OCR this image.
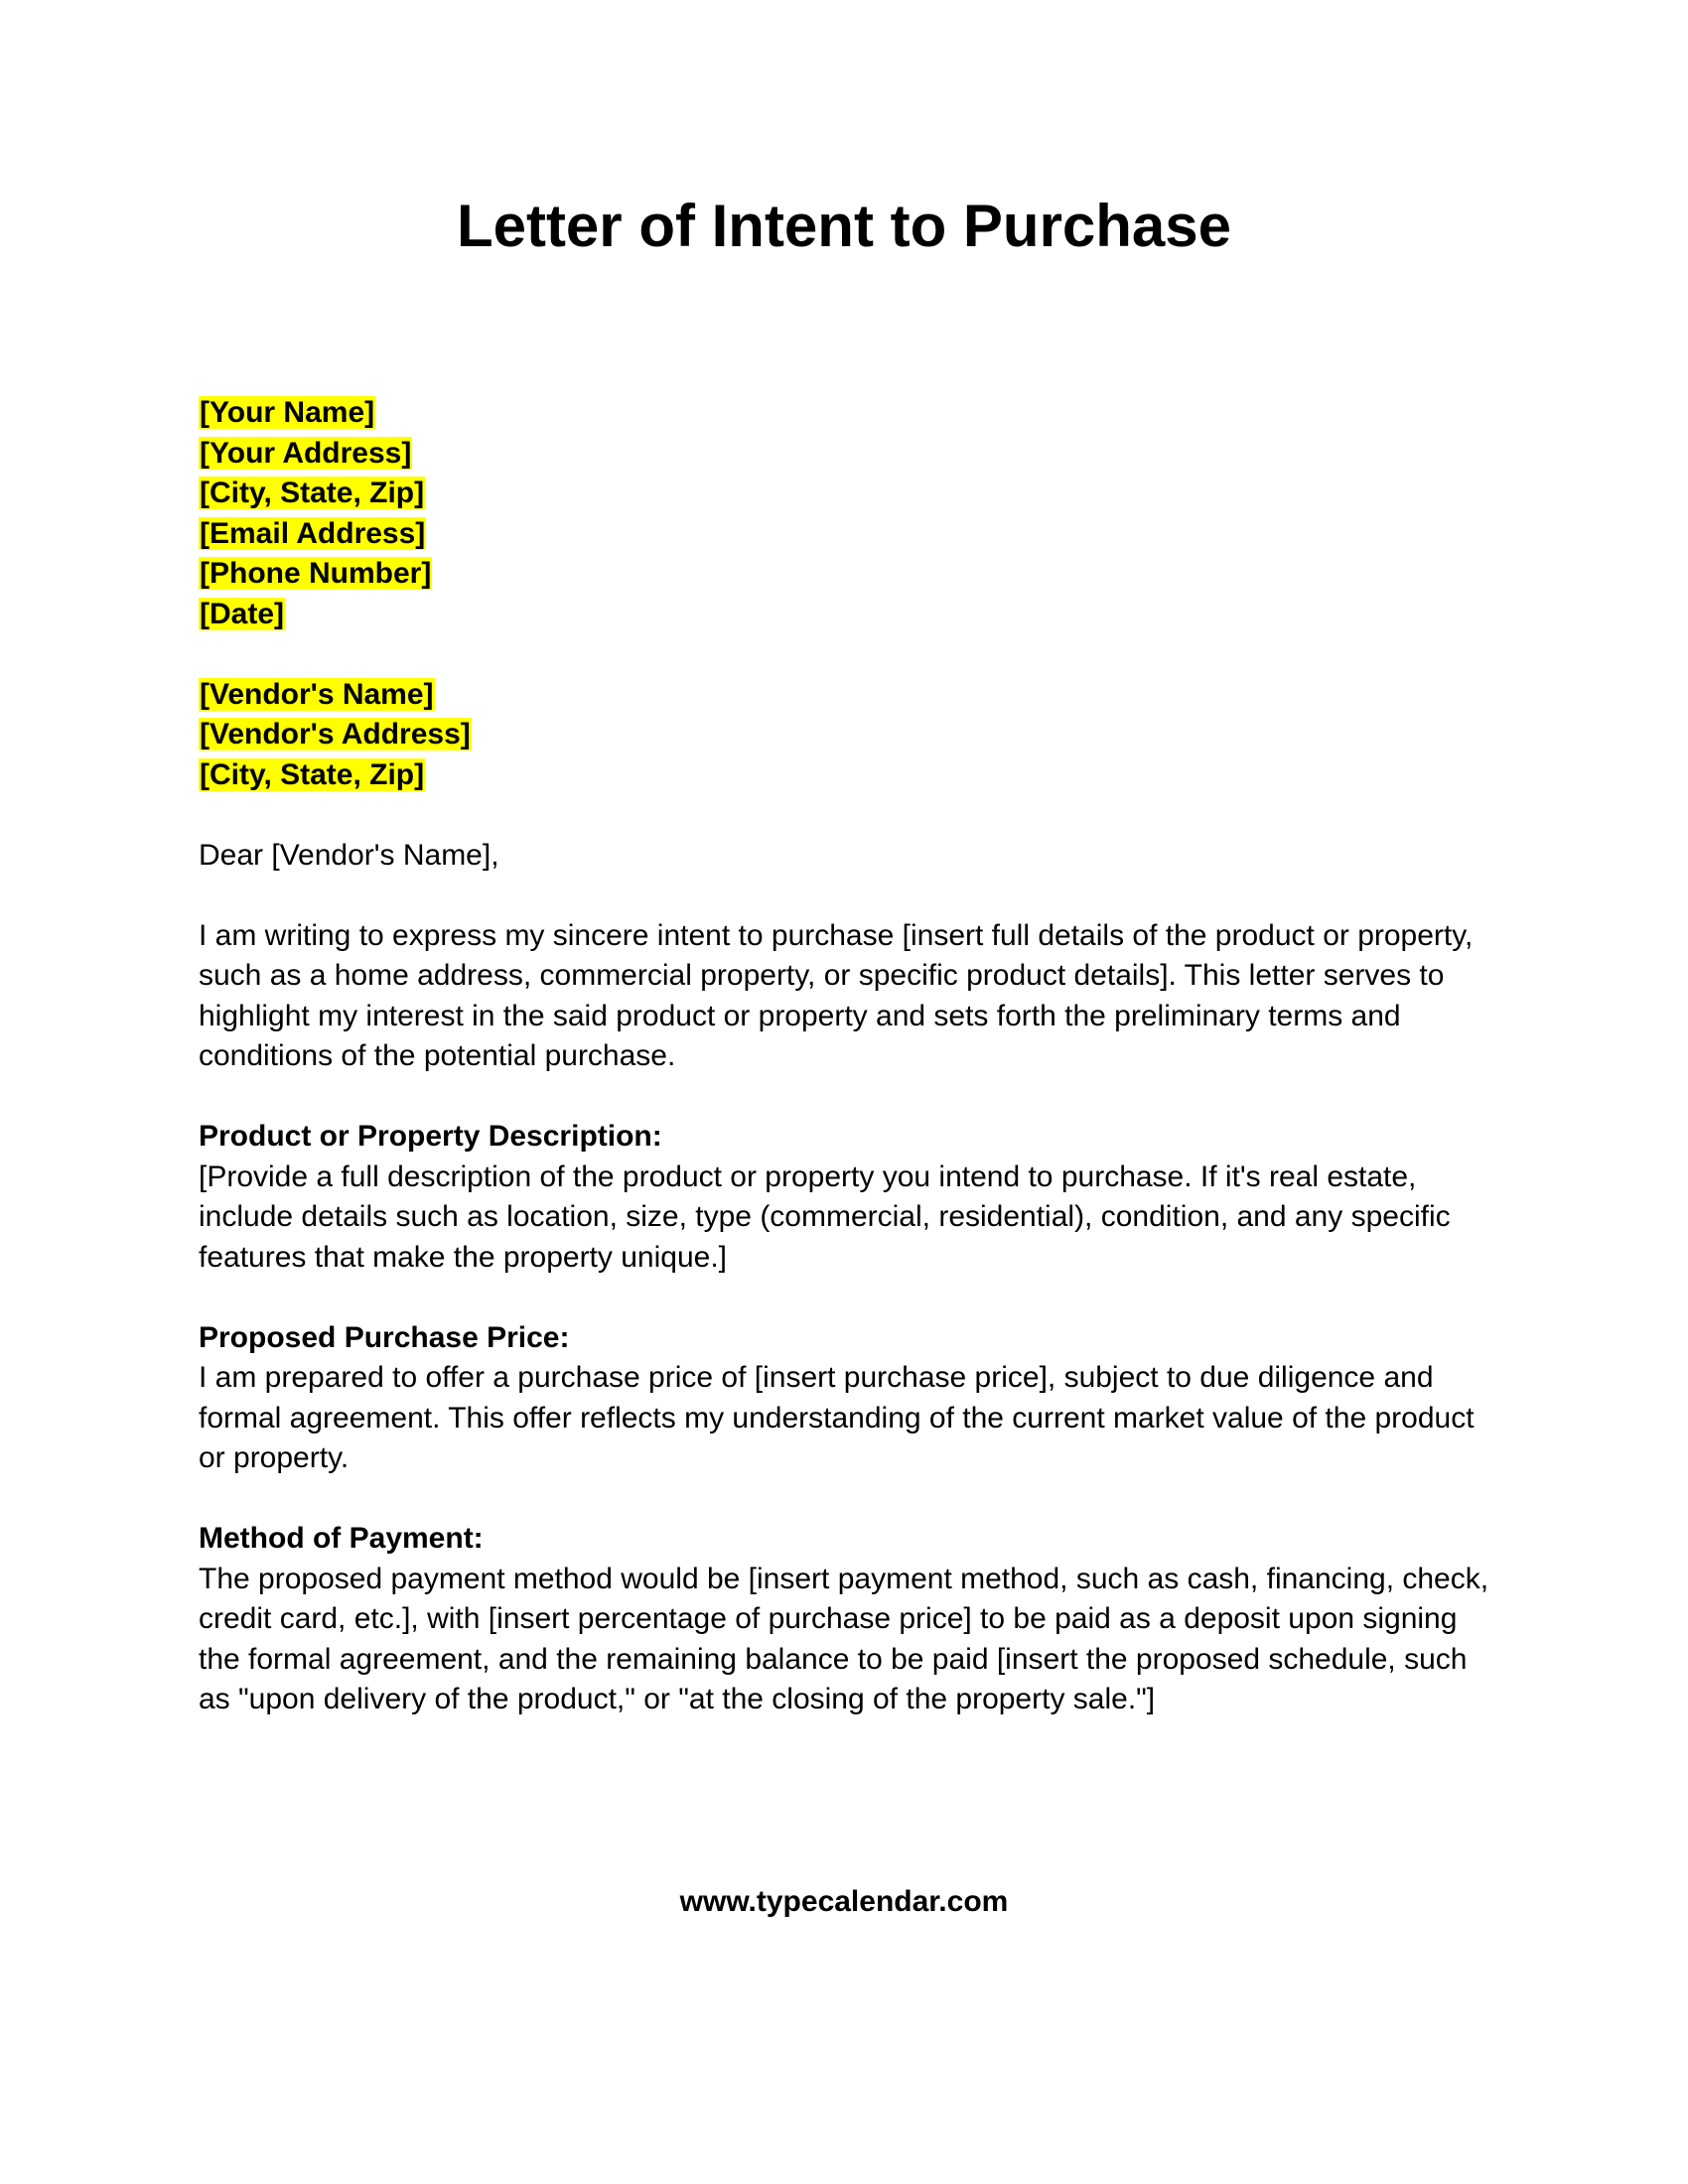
Letter of Intent to Purchase
[Your Name]
[Your Address]
[City, State, Zip]
[Email Address]
[Phone Number]
[Date]
[Vendor's Name]
[Vendor's Address]
[City, State, Zip]

Dear [Vendor's Name],

I am writing to express my sincere intent to purchase [insert full details of the product or property, such as a home address, commercial property, or specific product details]. This letter serves to highlight my interest in the said product or property and sets forth the preliminary terms and conditions of the potential purchase.

Product or Property Description:
[Provide a full description of the product or property you intend to purchase. If it's real estate, include details such as location, size, type (commercial, residential), condition, and any specific features that make the property unique.]
Proposed Purchase Price:
I am prepared to offer a purchase price of [insert purchase price], subject to due diligence and formal agreement. This offer reflects my understanding of the current market value of the product or property.
Method of Payment:
The proposed payment method would be [insert payment method, such as cash, financing, check, credit card, etc.], with [insert percentage of purchase price] to be paid as a deposit upon signing the formal agreement, and the remaining balance to be paid [insert the proposed schedule, such as "upon delivery of the product," or "at the closing of the property sale."]
www.typecalendar.com
